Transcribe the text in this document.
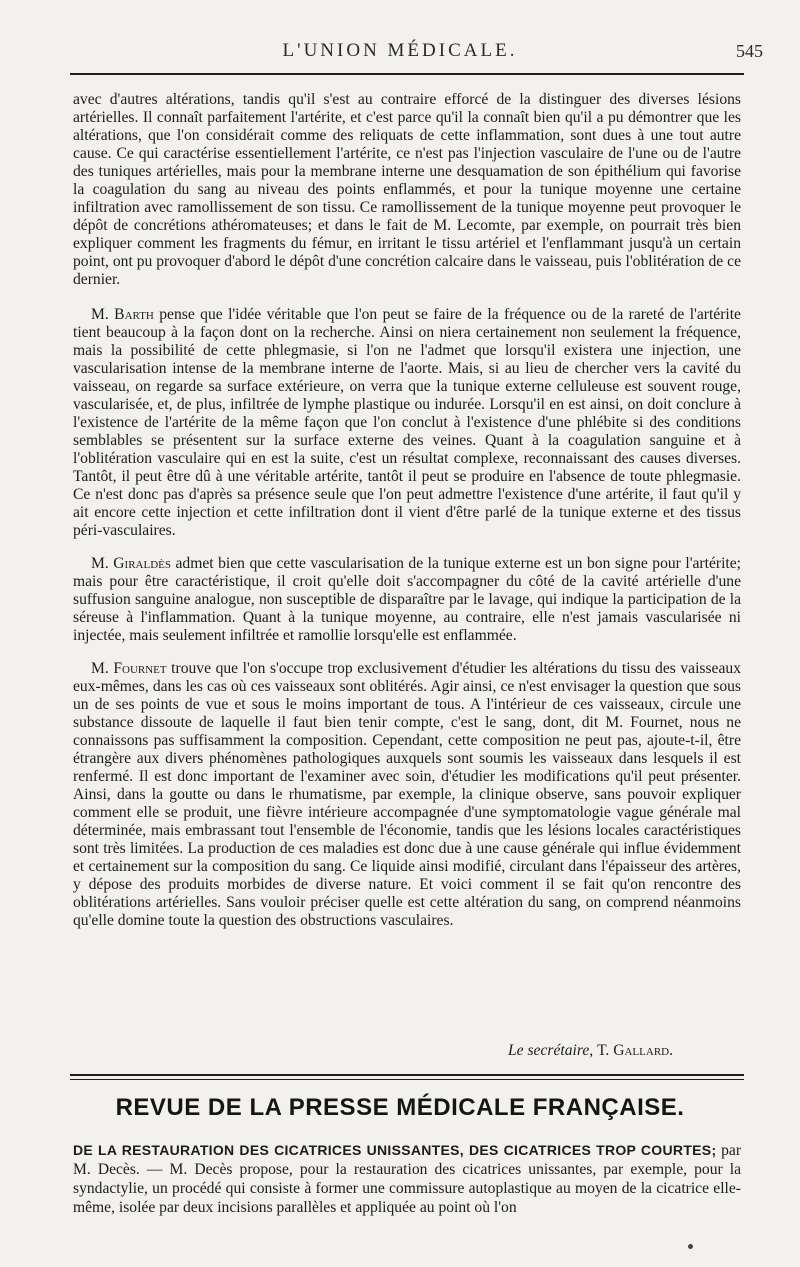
L'UNION MÉDICALE.	545

avec d'autres altérations, tandis qu'il s'est au contraire efforcé de la distinguer des diverses lésions artérielles. Il connaît parfaitement l'artérite, et c'est parce qu'il la connaît bien qu'il a pu démontrer que les altérations, que l'on considérait comme des reliquats de cette inflammation, sont dues à une tout autre cause. Ce qui caractérise essentiellement l'artérite, ce n'est pas l'injection vasculaire de l'une ou de l'autre des tuniques artérielles, mais pour la membrane interne une desquamation de son épithélium qui favorise la coagulation du sang au niveau des points enflammés, et pour la tunique moyenne une certaine infiltration avec ramollissement de son tissu. Ce ramollissement de la tunique moyenne peut provoquer le dépôt de concrétions athéromateuses; et dans le fait de M. Lecomte, par exemple, on pourrait très bien expliquer comment les fragments du fémur, en irritant le tissu artériel et l'enflammant jusqu'à un certain point, ont pu provoquer d'abord le dépôt d'une concrétion calcaire dans le vaisseau, puis l'oblitération de ce dernier.

M. Barth pense que l'idée véritable que l'on peut se faire de la fréquence ou de la rareté de l'artérite tient beaucoup à la façon dont on la recherche. Ainsi on niera certainement non seulement la fréquence, mais la possibilité de cette phlegmasie, si l'on ne l'admet que lorsqu'il existera une injection, une vascularisation intense de la membrane interne de l'aorte. Mais, si au lieu de chercher vers la cavité du vaisseau, on regarde sa surface extérieure, on verra que la tunique externe celluleuse est souvent rouge, vascularisée, et, de plus, infiltrée de lymphe plastique ou indurée. Lorsqu'il en est ainsi, on doit conclure à l'existence de l'artérite de la même façon que l'on conclut à l'existence d'une phlébite si des conditions semblables se présentent sur la surface externe des veines. Quant à la coagulation sanguine et à l'oblitération vasculaire qui en est la suite, c'est un résultat complexe, reconnaissant des causes diverses. Tantôt, il peut être dû à une véritable artérite, tantôt il peut se produire en l'absence de toute phlegmasie. Ce n'est donc pas d'après sa présence seule que l'on peut admettre l'existence d'une artérite, il faut qu'il y ait encore cette injection et cette infiltration dont il vient d'être parlé de la tunique externe et des tissus péri-vasculaires.

M. Giraldès admet bien que cette vascularisation de la tunique externe est un bon signe pour l'artérite; mais pour être caractéristique, il croit qu'elle doit s'accompagner du côté de la cavité artérielle d'une suffusion sanguine analogue, non susceptible de disparaître par le lavage, qui indique la participation de la séreuse à l'inflammation. Quant à la tunique moyenne, au contraire, elle n'est jamais vascularisée ni injectée, mais seulement infiltrée et ramollie lorsqu'elle est enflammée.

M. Fournet trouve que l'on s'occupe trop exclusivement d'étudier les altérations du tissu des vaisseaux eux-mêmes, dans les cas où ces vaisseaux sont oblitérés. Agir ainsi, ce n'est envisager la question que sous un de ses points de vue et sous le moins important de tous. A l'intérieur de ces vaisseaux, circule une substance dissoute de laquelle il faut bien tenir compte, c'est le sang, dont, dit M. Fournet, nous ne connaissons pas suffisamment la composition. Cependant, cette composition ne peut pas, ajoute-t-il, être étrangère aux divers phénomènes pathologiques auxquels sont soumis les vaisseaux dans lesquels il est renfermé. Il est donc important de l'examiner avec soin, d'étudier les modifications qu'il peut présenter. Ainsi, dans la goutte ou dans le rhumatisme, par exemple, la clinique observe, sans pouvoir expliquer comment elle se produit, une fièvre intérieure accompagnée d'une symptomatologie vague générale mal déterminée, mais embrassant tout l'ensemble de l'économie, tandis que les lésions locales caractéristiques sont très limitées. La production de ces maladies est donc due à une cause générale qui influe évidemment et certainement sur la composition du sang. Ce liquide ainsi modifié, circulant dans l'épaisseur des artères, y dépose des produits morbides de diverse nature. Et voici comment il se fait qu'on rencontre des oblitérations artérielles. Sans vouloir préciser quelle est cette altération du sang, on comprend néanmoins qu'elle domine toute la question des obstructions vasculaires.

Le secrétaire, T. Gallard.
REVUE DE LA PRESSE MÉDICALE FRANÇAISE.
DE LA RESTAURATION DES CICATRICES UNISSANTES, DES CICATRICES TROP COURTES; par M. Decès. — M. Decès propose, pour la restauration des cicatrices unissantes, par exemple, pour la syndactylie, un procédé qui consiste à former une commissure autoplastique au moyen de la cicatrice elle-même, isolée par deux incisions parallèles et appliquée au point où l'on
